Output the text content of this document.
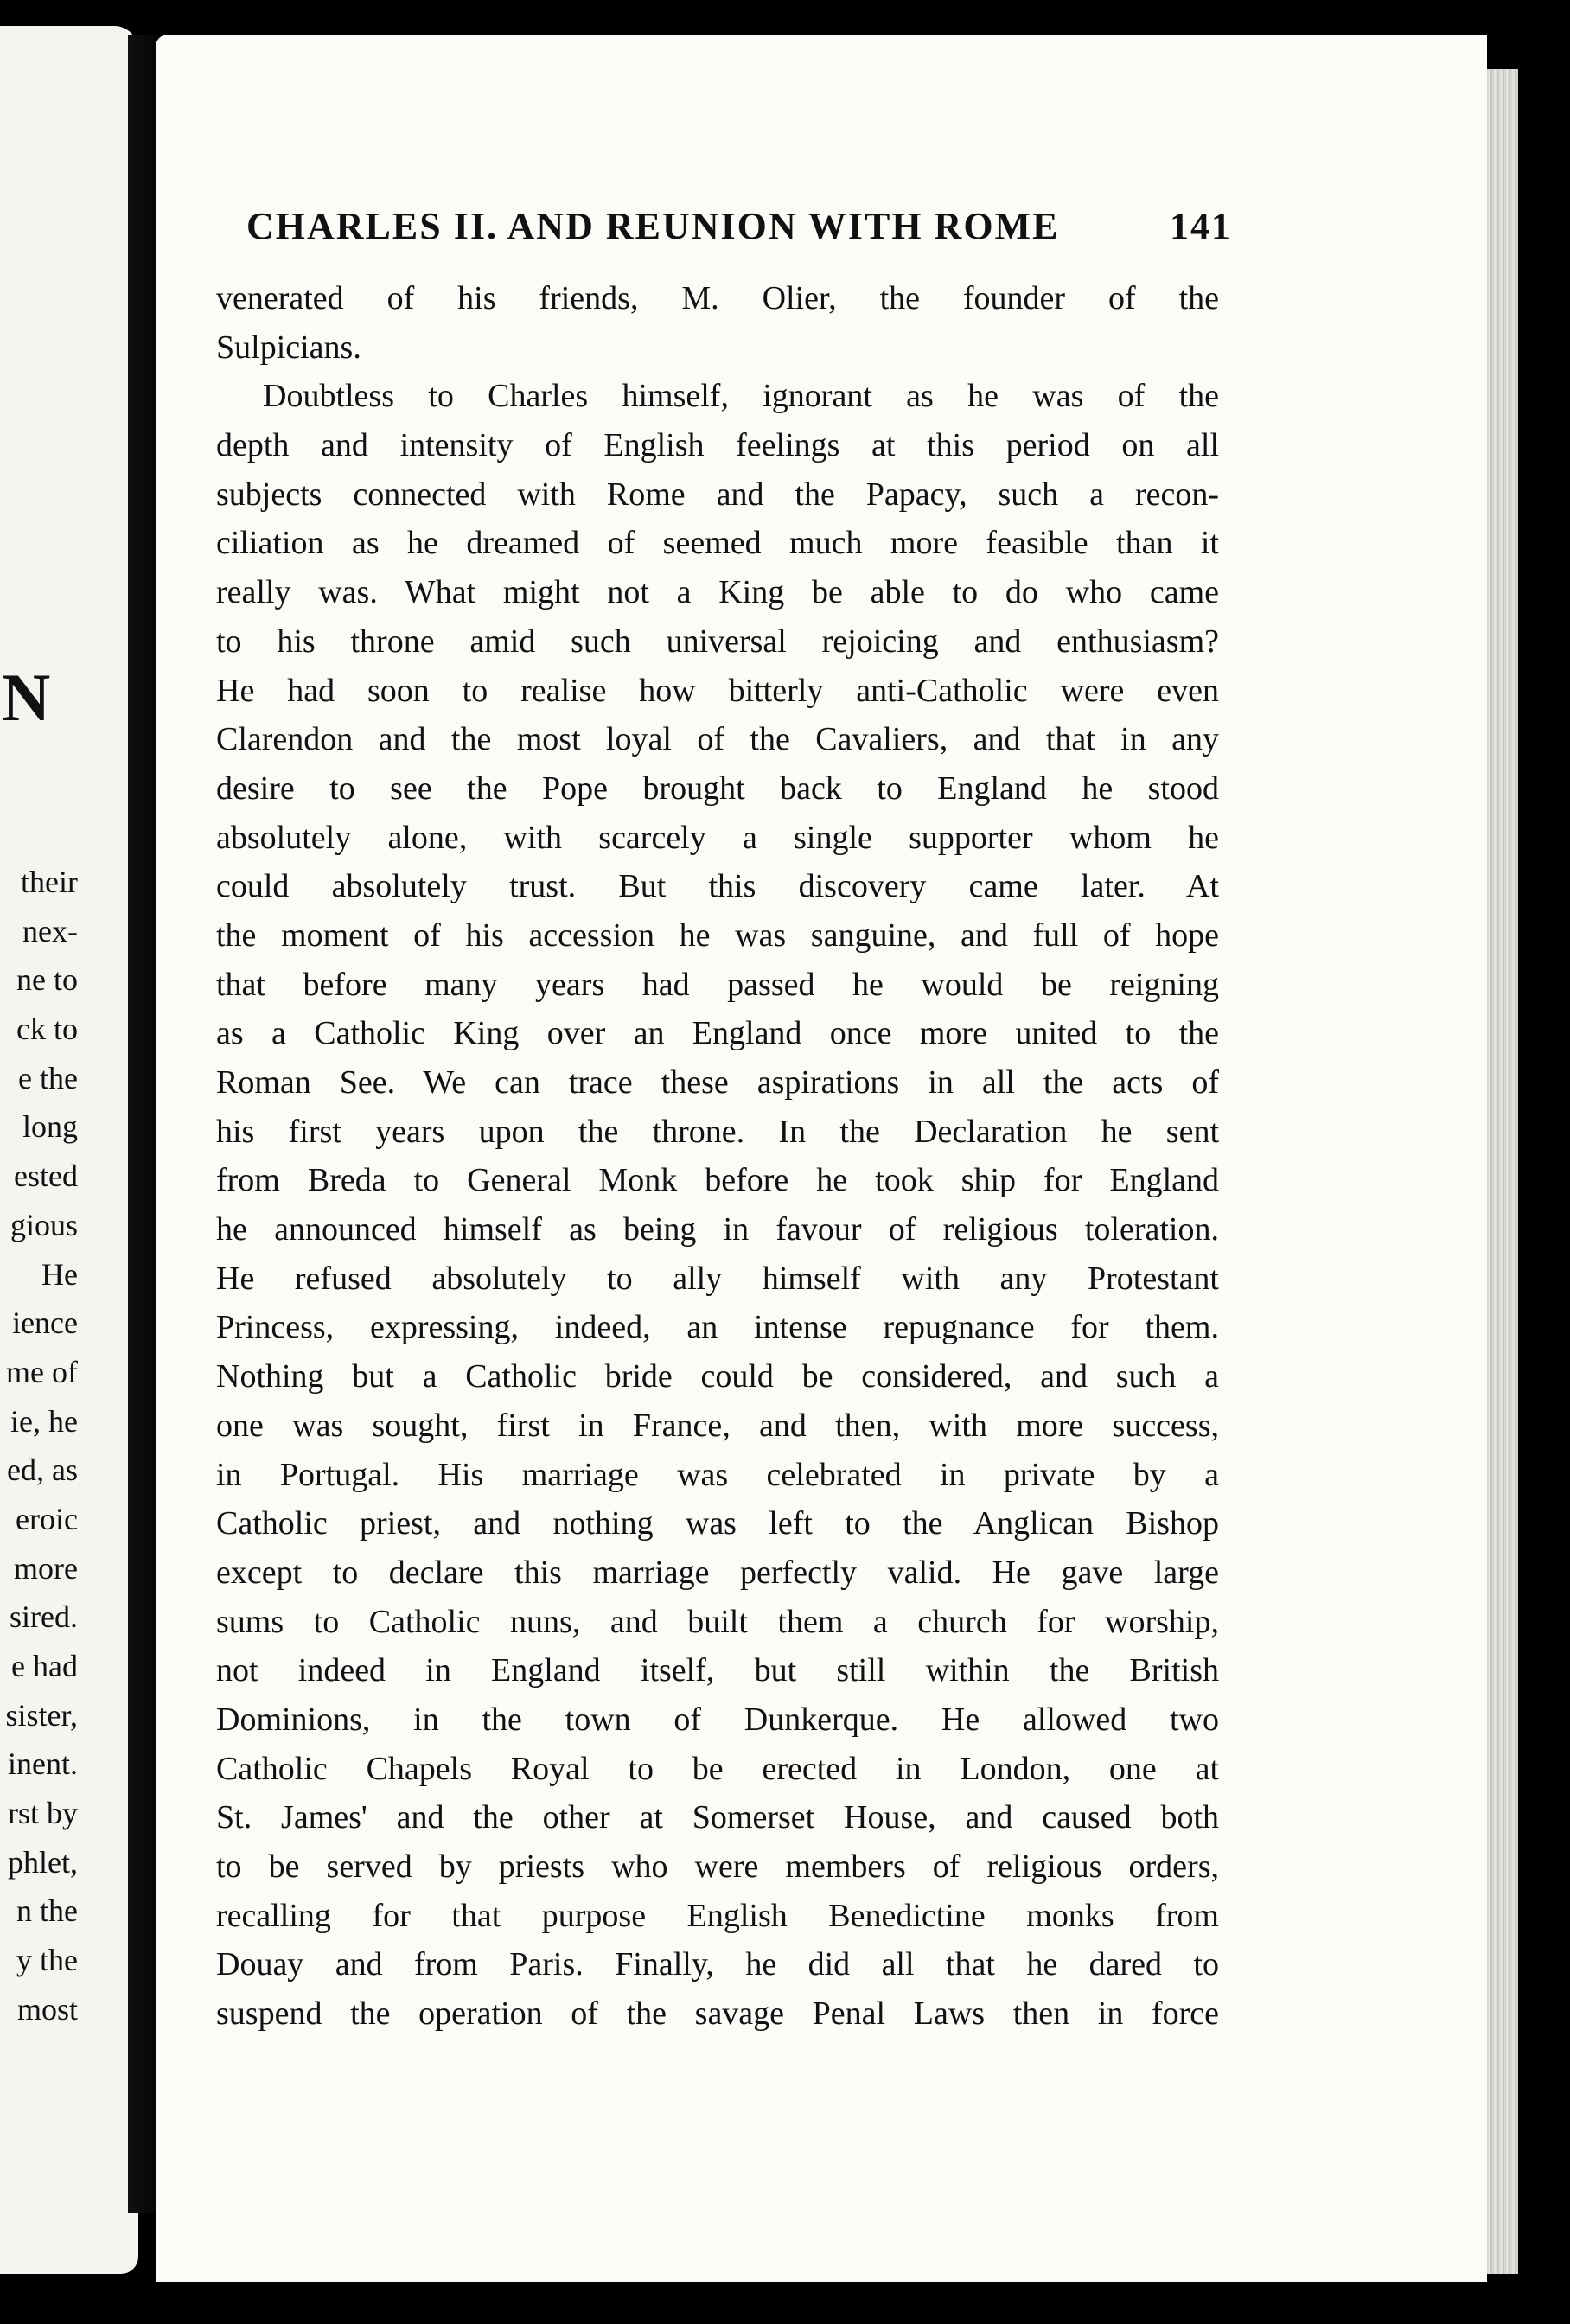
N
their
nex-
ne to
ck to
e the
long
ested
gious
He
ience
me of
ie, he
ed, as
eroic
more
sired.
e had
sister,
inent.
rst by
phlet,
n the
y the
most
CHARLES II. AND REUNION WITH ROME	141
venerated of his friends, M. Olier, the founder of the
Sulpicians.
Doubtless to Charles himself, ignorant as he was of the
depth and intensity of English feelings at this period on all
subjects connected with Rome and the Papacy, such a recon-
ciliation as he dreamed of seemed much more feasible than it
really was. What might not a King be able to do who came
to his throne amid such universal rejoicing and enthusiasm?
He had soon to realise how bitterly anti-Catholic were even
Clarendon and the most loyal of the Cavaliers, and that in any
desire to see the Pope brought back to England he stood
absolutely alone, with scarcely a single supporter whom he
could absolutely trust. But this discovery came later. At
the moment of his accession he was sanguine, and full of hope
that before many years had passed he would be reigning
as a Catholic King over an England once more united to the
Roman See. We can trace these aspirations in all the acts of
his first years upon the throne. In the Declaration he sent
from Breda to General Monk before he took ship for England
he announced himself as being in favour of religious toleration.
He refused absolutely to ally himself with any Protestant
Princess, expressing, indeed, an intense repugnance for them.
Nothing but a Catholic bride could be considered, and such a
one was sought, first in France, and then, with more success,
in Portugal. His marriage was celebrated in private by a
Catholic priest, and nothing was left to the Anglican Bishop
except to declare this marriage perfectly valid. He gave large
sums to Catholic nuns, and built them a church for worship,
not indeed in England itself, but still within the British
Dominions, in the town of Dunkerque. He allowed two
Catholic Chapels Royal to be erected in London, one at
St. James' and the other at Somerset House, and caused both
to be served by priests who were members of religious orders,
recalling for that purpose English Benedictine monks from
Douay and from Paris. Finally, he did all that he dared to
suspend the operation of the savage Penal Laws then in force
